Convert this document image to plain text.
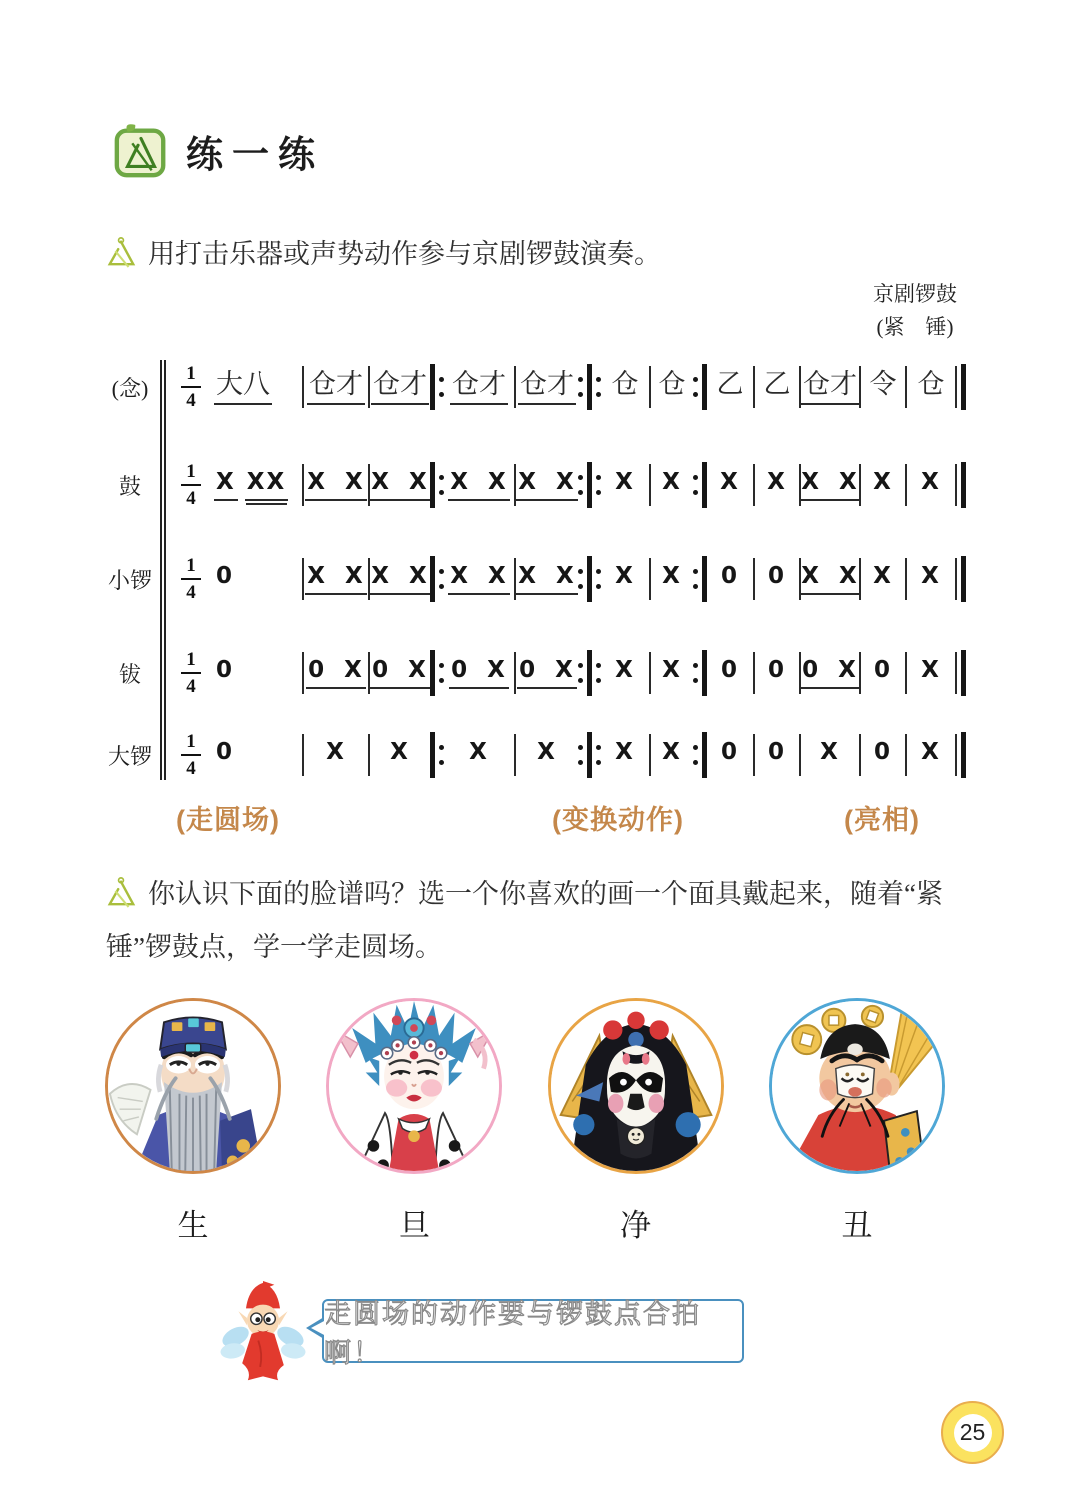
练一练

用打击乐器或声势动作参与京剧锣鼓演奏。

京剧锣鼓
(紧　锤)
(念)	$\frac{1}{4}$ 大八 仓才 仓才 仓才 仓才 仓 仓 乙 乙 仓才 令 仓
鼓	$\frac{1}{4}$ X XX X X X X X X X X X X X X X X X X
小锣	$\frac{1}{4} 0$	X X X X X X X X X X 0 0 X X X X
钹	$\frac{1}{4} 0$	0 X 0 X 0 X 0 X X X 0 0 0 X 0 X
大锣	$\frac{1}{4} 0$	X X	X X	X X 0 0 X 0 X
(走圆场)	(变换动作)	(亮相)

你认识下面的脸谱吗？选一个你喜欢的画一个面具戴起来，随着“紧锤”锣鼓点，学一学走圆场。

生	旦	净	丑
走圆场的动作要与锣鼓点合拍啊！
25
